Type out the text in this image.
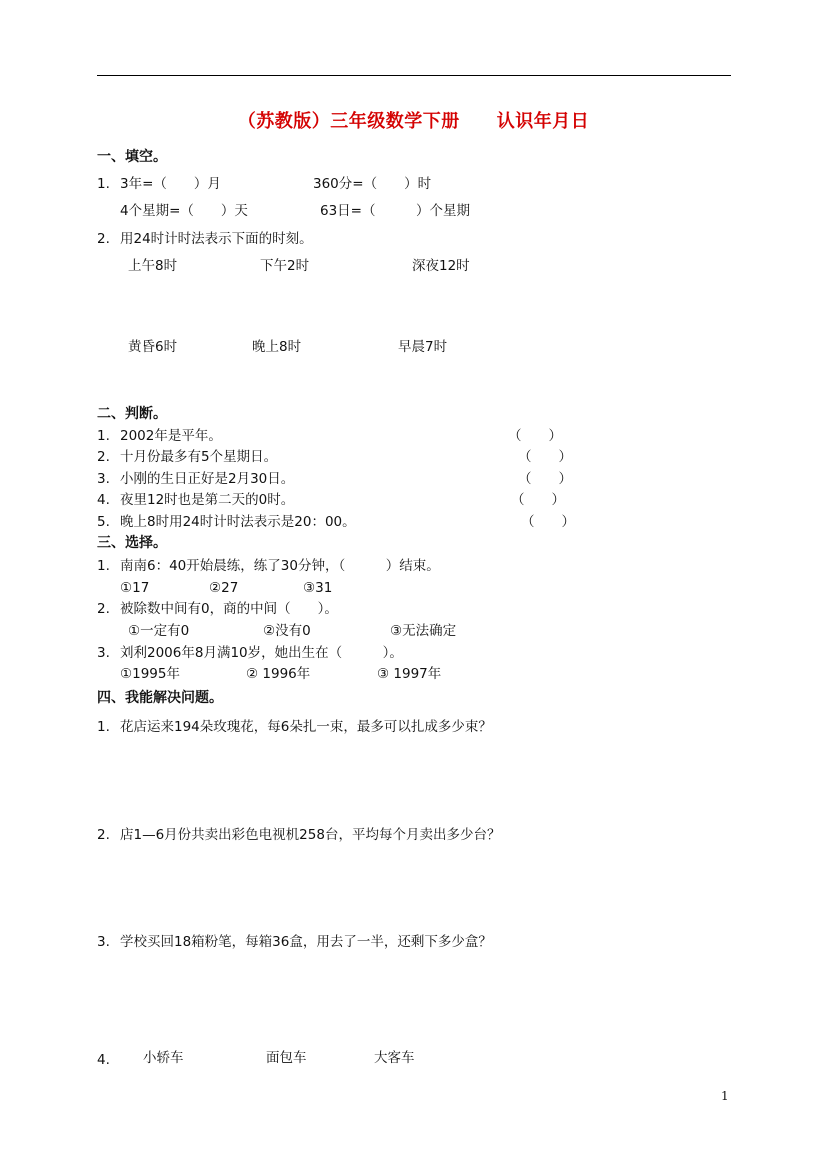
（苏教版）三年级数学下册　　认识年月日
一、填空。
1. 3年=（　　）月	360分=（　　）时
4个星期=（　　）天	63日=（　　　）个星期
2. 用24时计时法表示下面的时刻。
上午8时	下午2时	深夜12时
黄昏6时	晚上8时	早晨7时
二、判断。
1. 2002年是平年。	（　　）
2. 十月份最多有5个星期日。	（　　）
3. 小刚的生日正好是2月30日。	（　　）
4. 夜里12时也是第二天的0时。	（　　）
5. 晚上8时用24时计时法表示是20：00。	（　　）
三、选择。
1. 南南6：40开始晨练，练了30分钟，（　　　）结束。
①17	②27	③31
2. 被除数中间有0，商的中间（　　）。
①一定有0	②没有0	③无法确定
3. 刘利2006年8月满10岁，她出生在（　　　）。
①1995年	② 1996年	③ 1997年
四、我能解决问题。
1. 花店运来194朵玫瑰花，每6朵扎一束，最多可以扎成多少束？
2. 店1—6月份共卖出彩色电视机258台，平均每个月卖出多少台？
3. 学校买回18箱粉笔，每箱36盒，用去了一半，还剩下多少盒？
4. 小轿车	面包车	大客车
1
